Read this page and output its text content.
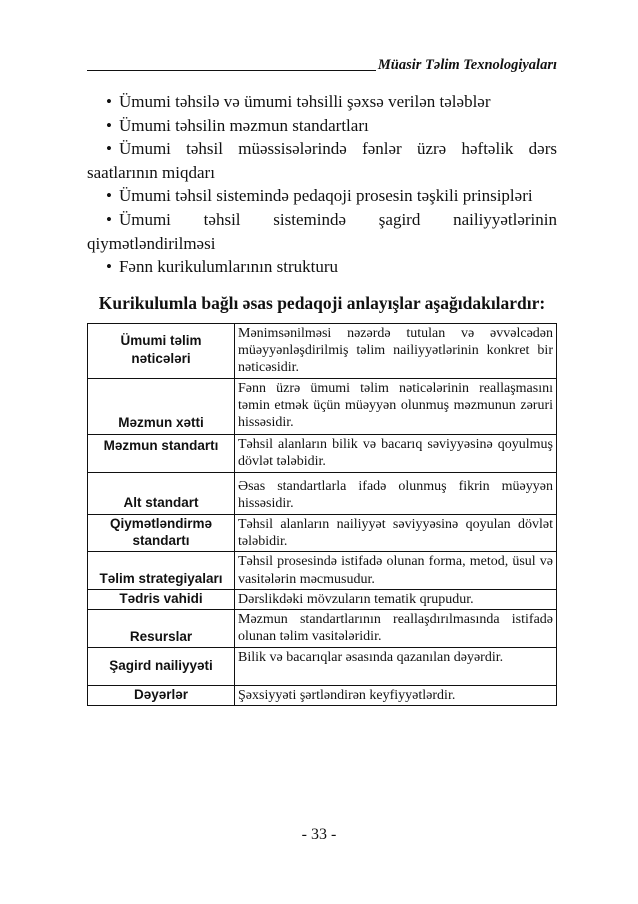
Müasir Təlim Texnologiyaları
• Ümumi təhsilə və ümumi təhsilli şəxsə verilən tələblər
• Ümumi təhsilin məzmun standartları
• Ümumi təhsil müəssisələrində fənlər üzrə həftəlik dərs saatlarının miqdarı
• Ümumi təhsil sistemində pedaqoji prosesin təşkili prinsipləri
• Ümumi təhsil sistemində şagird nailiyyətlərinin qiymətləndirilməsi
• Fənn kurikulumlarının strukturu
Kurikulumla bağlı əsas pedaqoji anlayışlar aşağıdakılardır:
Ümumi təlim nəticələri	Mənimsənilməsi nəzərdə tutulan və əvvəlcədən müəyyənləşdirilmiş təlim nailiyyətlərinin konkret bir nəticəsidir.
Məzmun xətti	Fənn üzrə ümumi təlim nəticələrinin reallaşmasını təmin etmək üçün müəyyən olunmuş məzmunun zəruri hissəsidir.
Məzmun standartı	Təhsil alanların bilik və bacarıq səviyyəsinə qoyulmuş dövlət tələbidir.
Alt standart	Əsas standartlarla ifadə olunmuş fikrin müəyyən hissəsidir.
Qiymətləndirmə standartı	Təhsil alanların nailiyyət səviyyəsinə qoyulan dövlət tələbidir.
Təlim strategiyaları	Təhsil prosesində istifadə olunan forma, metod, üsul və vasitələrin məcmusudur.
Tədris vahidi	Dərslikdəki mövzuların tematik qrupudur.
Resurslar	Məzmun standartlarının reallaşdırılmasında istifadə olunan təlim vasitələridir.
Şagird nailiyyəti	Bilik və bacarıqlar əsasında qazanılan dəyərdir.
Dəyərlər	Şəxsiyyəti şərtləndirən keyfiyyətlərdir.
- 33 -
